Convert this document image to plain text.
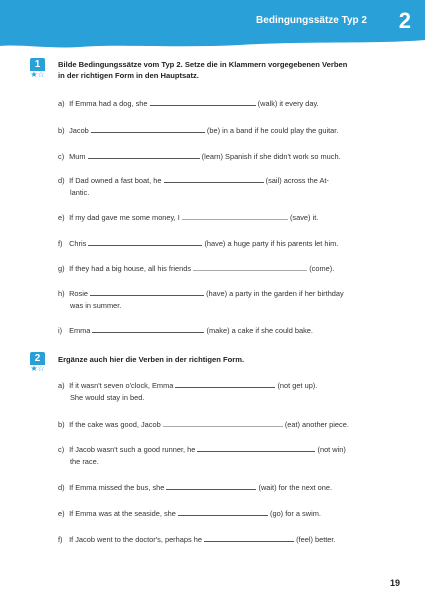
Bedingungssätze Typ 2 2
1
★☆
Bilde Bedingungssätze vom Typ 2. Setze die in Klammern vorgegebenen Verben
in der richtigen Form in den Hauptsatz.
a) If Emma had a dog, she	(walk) it every day.
b) Jacob	(be) in a band if he could play the guitar.
c) Mum	(learn) Spanish if she didn't work so much.
d) If Dad owned a fast boat, he	(sail) across the At-
lantic.
e) If my dad gave me some money, I	(save) it.
f) Chris	(have) a huge party if his parents let him.
g) If they had a big house, all his friends	(come).
h) Rosie	(have) a party in the garden if her birthday
was in summer.
i) Emma	(make) a cake if she could bake.
2
★☆
Ergänze auch hier die Verben in der richtigen Form.
a) If it wasn't seven o'clock, Emma	(not get up).
She would stay in bed.
b) If the cake was good, Jacob	(eat) another piece.
c) If Jacob wasn't such a good runner, he	(not win)
the race.
d) If Emma missed the bus, she	(wait) for the next one.
e) If Emma was at the seaside, she	(go) for a swim.
f) If Jacob went to the doctor's, perhaps he	(feel) better.
19
